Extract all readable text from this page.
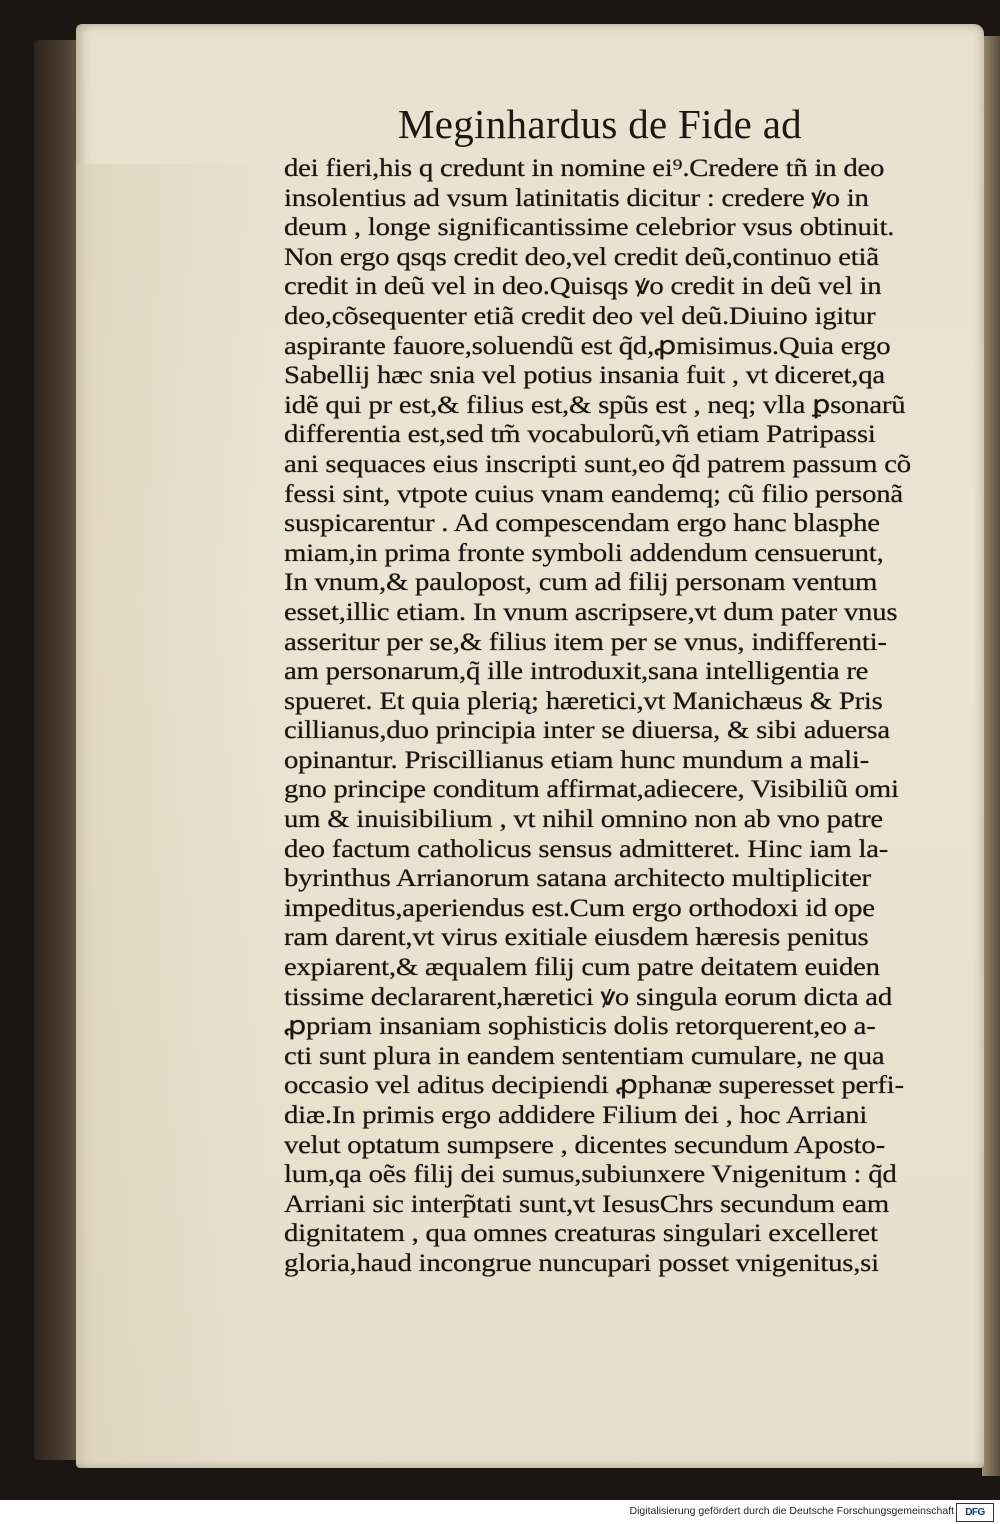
Meginhardus de Fide ad
dei fieri,his q credunt in nomine ei⁹.Credere tñ in deo
insolentius ad vsum latinitatis dicitur : credere ꝟo in
deum , longe significantissime celebrior vsus obtinuit.
Non ergo qsqs credit deo,vel credit deũ,continuo etiã
credit in deũ vel in deo.Quisqs ꝟo credit in deũ vel in
deo,cõsequenter etiã credit deo vel deũ.Diuino igitur
aspirante fauore,soluendũ est q̃d,ꝓmisimus.Quia ergo
Sabellij hæc snia vel potius insania fuit , vt diceret,qa
idẽ qui pr est,& filius est,& spũs est , neq; vlla ꝑsonarũ
differentia est,sed tm̃ vocabulorũ,vñ etiam Patripassi
ani sequaces eius inscripti sunt,eo q̃d patrem passum cõ
fessi sint, vtpote cuius vnam eandemq; cũ filio personã
suspicarentur . Ad compescendam ergo hanc blasphe
miam,in prima fronte symboli addendum censuerunt,
In vnum,& paulopost, cum ad filij personam ventum
esset,illic etiam. In vnum ascripsere,vt dum pater vnus
asseritur per se,& filius item per se vnus, indifferenti-
am personarum,q̃ ille introduxit,sana intelligentia re
spueret. Et quia plerią; hæretici,vt Manichæus & Pris
cillianus,duo principia inter se diuersa, & sibi aduersa
opinantur. Priscillianus etiam hunc mundum a mali-
gno principe conditum affirmat,adiecere, Visibiliũ omi
um & inuisibilium , vt nihil omnino non ab vno patre
deo factum catholicus sensus admitteret. Hinc iam la-
byrinthus Arrianorum satana architecto multipliciter
impeditus,aperiendus est.Cum ergo orthodoxi id ope
ram darent,vt virus exitiale eiusdem hæresis penitus
expiarent,& æqualem filij cum patre deitatem euiden
tissime declararent,hæretici ꝟo singula eorum dicta ad
ꝓpriam insaniam sophisticis dolis retorquerent,eo a-
cti sunt plura in eandem sententiam cumulare, ne qua
occasio vel aditus decipiendi ꝓphanæ superesset perfi-
diæ.In primis ergo addidere Filium dei , hoc Arriani
velut optatum sumpsere , dicentes secundum Aposto-
lum,qa oẽs filij dei sumus,subiunxere Vnigenitum : q̃d
Arriani sic interp̃tati sunt,vt IesusChrs secundum eam
dignitatem , qua omnes creaturas singulari excelleret
gloria,haud incongrue nuncupari posset vnigenitus,si
Digitalisierung gefördert durch die Deutsche Forschungsgemeinschaft	DFG
